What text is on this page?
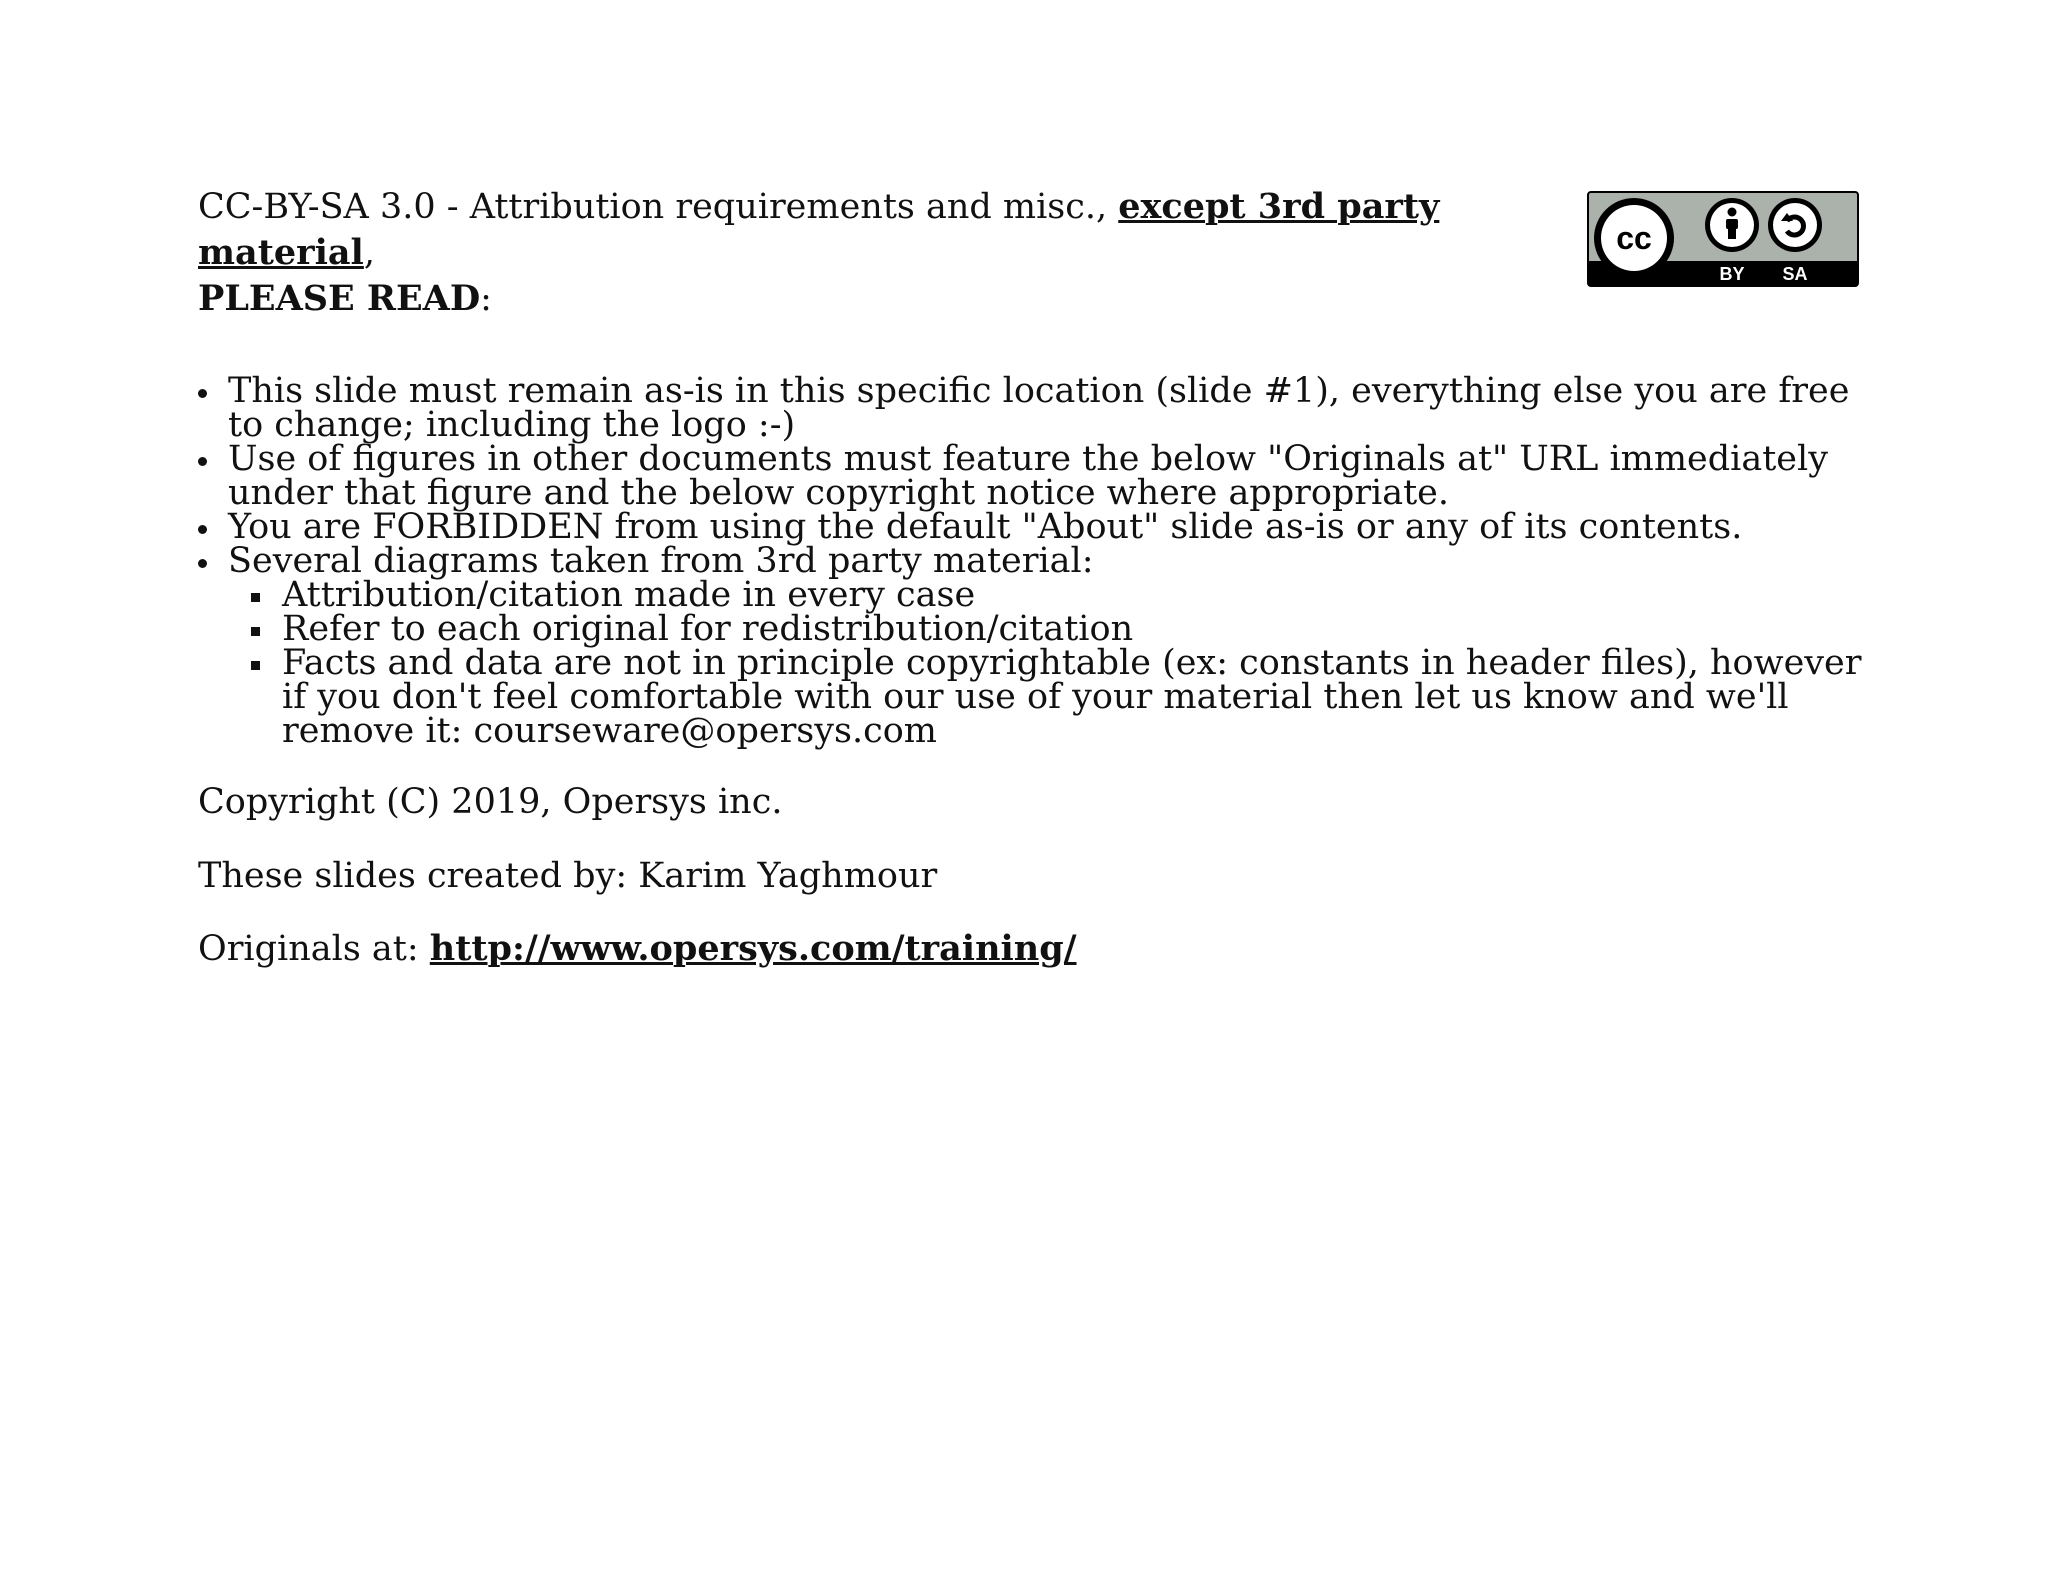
CC-BY-SA 3.0 - Attribution requirements and misc., except 3rd party material,
PLEASE READ:
cc
BY SA
This slide must remain as-is in this specific location (slide #1), everything else you are free to change; including the logo :-)
Use of figures in other documents must feature the below "Originals at" URL immediately under that figure and the below copyright notice where appropriate.
You are FORBIDDEN from using the default "About" slide as-is or any of its contents.
Several diagrams taken from 3rd party material:
Attribution/citation made in every case
Refer to each original for redistribution/citation
Facts and data are not in principle copyrightable (ex: constants in header files), however if you don't feel comfortable with our use of your material then let us know and we'll remove it: courseware@opersys.com

Copyright (C) 2019, Opersys inc.

These slides created by: Karim Yaghmour

Originals at: http://www.opersys.com/training/
